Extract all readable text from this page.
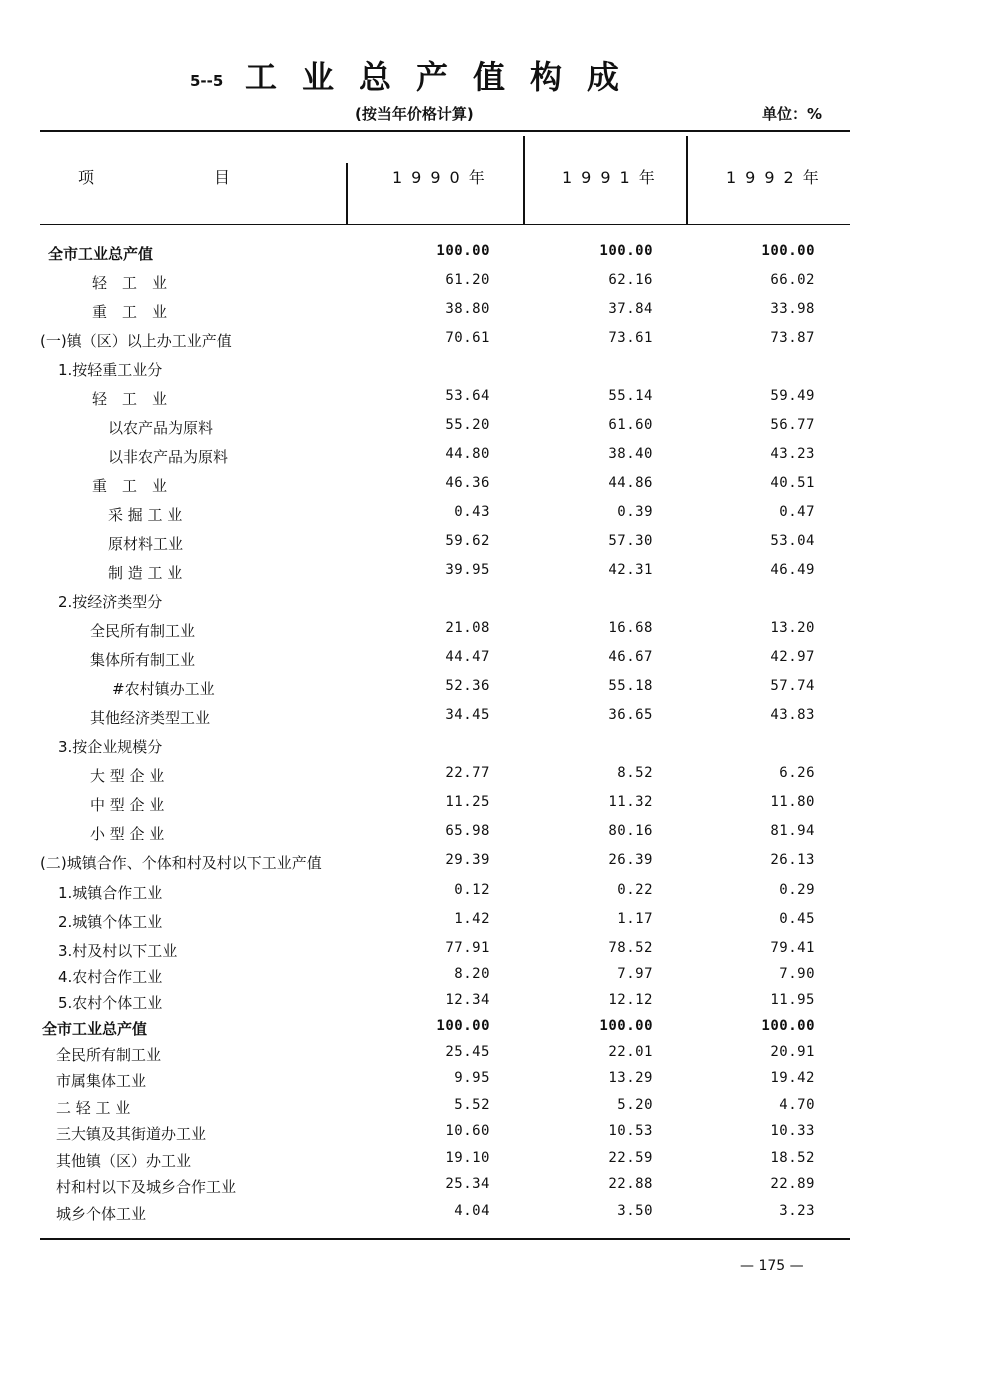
5--5 工业总产值构成
(按当年价格计算)	单位：%
项	目	1990年	1991年	1992年
全市工业总产值	100.00	100.00	100.00
轻　工　业	61.20	62.16	66.02
重　工　业	38.80	37.84	33.98
(一)镇（区）以上办工业产值	70.61	73.61	73.87
1.按轻重工业分
轻　工　业	53.64	55.14	59.49
以农产品为原料	55.20	61.60	56.77
以非农产品为原料	44.80	38.40	43.23
重　工　业	46.36	44.86	40.51
采 掘 工 业	0.43	0.39	0.47
原材料工业	59.62	57.30	53.04
制 造 工 业	39.95	42.31	46.49
2.按经济类型分
全民所有制工业	21.08	16.68	13.20
集体所有制工业	44.47	46.67	42.97
#农村镇办工业	52.36	55.18	57.74
其他经济类型工业	34.45	36.65	43.83
3.按企业规模分
大 型 企 业	22.77	8.52	6.26
中 型 企 业	11.25	11.32	11.80
小 型 企 业	65.98	80.16	81.94
(二)城镇合作、个体和村及村以下工业产值	29.39	26.39	26.13
1.城镇合作工业	0.12	0.22	0.29
2.城镇个体工业	1.42	1.17	0.45
3.村及村以下工业	77.91	78.52	79.41
4.农村合作工业	8.20	7.97	7.90
5.农村个体工业	12.34	12.12	11.95
全市工业总产值	100.00	100.00	100.00
全民所有制工业	25.45	22.01	20.91
市属集体工业	9.95	13.29	19.42
二 轻 工 业	5.52	5.20	4.70
三大镇及其街道办工业	10.60	10.53	10.33
其他镇（区）办工业	19.10	22.59	18.52
村和村以下及城乡合作工业	25.34	22.88	22.89
城乡个体工业	4.04	3.50	3.23
— 175 —
